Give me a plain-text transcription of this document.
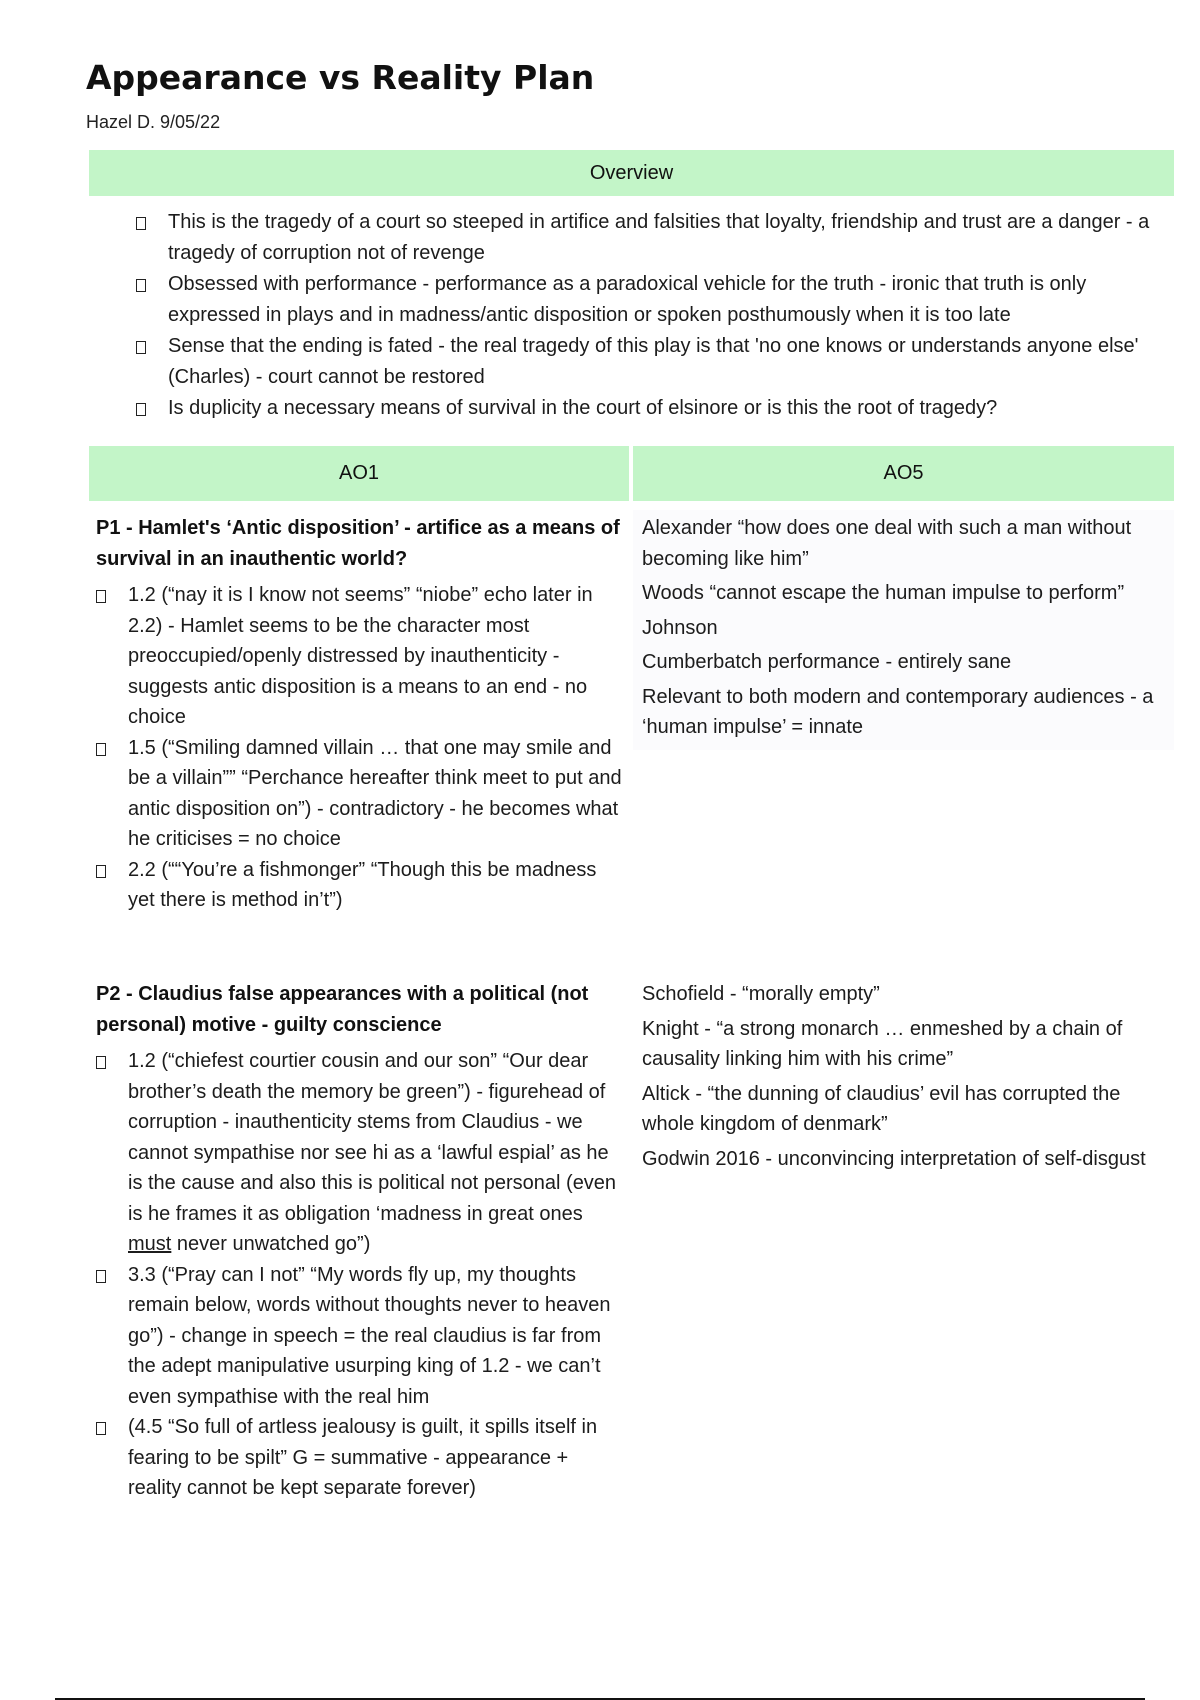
Appearance vs Reality Plan
Hazel D. 9/05/22
Overview
This is the tragedy of a court so steeped in artifice and falsities that loyalty, friendship and trust are a danger - a tragedy of corruption not of revenge
Obsessed with performance - performance as a paradoxical vehicle for the truth - ironic that truth is only expressed in plays and in madness/antic disposition or spoken posthumously when it is too late
Sense that the ending is fated - the real tragedy of this play is that 'no one knows or understands anyone else' (Charles) - court cannot be restored
Is duplicity a necessary means of survival in the court of elsinore or is this the root of tragedy?
AO1	AO5
P1 - Hamlet's ‘Antic disposition’ - artifice as a means of survival in an inauthentic world?
1.2 (“nay it is I know not seems” “niobe” echo later in 2.2) - Hamlet seems to be the character most preoccupied/openly distressed by inauthenticity - suggests antic disposition is a means to an end - no choice
1.5 (“Smiling damned villain … that one may smile and be a villain”” “Perchance hereafter think meet to put and antic disposition on”) - contradictory - he becomes what he criticises = no choice
2.2 (““You’re a fishmonger” “Though this be madness yet there is method in’t”)

Alexander “how does one deal with such a man without becoming like him”

Woods “cannot escape the human impulse to perform”

Johnson

Cumberbatch performance - entirely sane

Relevant to both modern and contemporary audiences - a ‘human impulse’ = innate

P2 - Claudius false appearances with a political (not personal) motive - guilty conscience
1.2 (“chiefest courtier cousin and our son” “Our dear brother’s death the memory be green”) - figurehead of corruption - inauthenticity stems from Claudius - we cannot sympathise nor see hi as a ‘lawful espial’ as he is the cause and also this is political not personal (even is he frames it as obligation ‘madness in great ones must never unwatched go”)
3.3 (“Pray can I not” “My words fly up, my thoughts remain below, words without thoughts never to heaven go”) - change in speech = the real claudius is far from the adept manipulative usurping king of 1.2 - we can’t even sympathise with the real him
(4.5 “So full of artless jealousy is guilt, it spills itself in fearing to be spilt” G = summative - appearance + reality cannot be kept separate forever)

Schofield - “morally empty”

Knight - “a strong monarch … enmeshed by a chain of causality linking him with his crime”

Altick - “the dunning of claudius’ evil has corrupted the whole kingdom of denmark”

Godwin 2016 - unconvincing interpretation of self-disgust
